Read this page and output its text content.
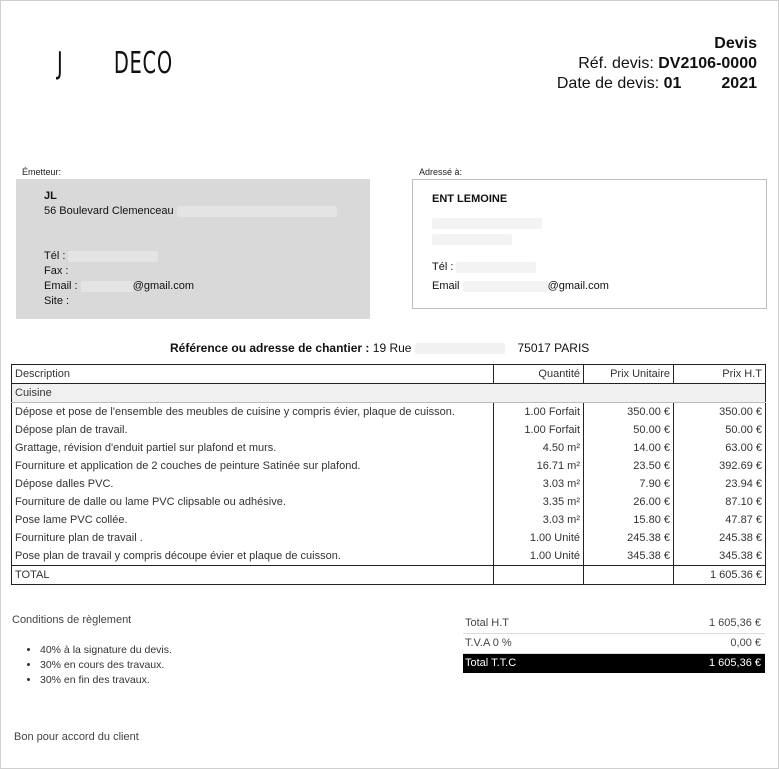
J DECO
Devis
Réf. devis: DV2106-0000
Date de devis: 01	2021
Émetteur:
JL
56 Boulevard Clemenceau
Tél :
Fax :
Email :	@gmail.com
Site :
Adressé à:
ENT LEMOINE
Tél :
Email	@gmail.com
Référence ou adresse de chantier : 19 Rue	75017 PARIS
Description	Quantité	Prix Unitaire	Prix H.T
Cuisine			
Dépose et pose de l'ensemble des meubles de cuisine y compris évier, plaque de cuisson.	1.00 Forfait	350.00 €	350.00 €
Dépose plan de travail.	1.00 Forfait	50.00 €	50.00 €
Grattage, révision d'enduit partiel sur plafond et murs.	4.50 m²	14.00 €	63.00 €
Fourniture et application de 2 couches de peinture Satinée sur plafond.	16.71 m²	23.50 €	392.69 €
Dépose dalles PVC.	3.03 m²	7.90 €	23.94 €
Fourniture de dalle ou lame PVC clipsable ou adhésive.	3.35 m²	26.00 €	87.10 €
Pose lame PVC collée.	3.03 m²	15.80 €	47.87 €
Fourniture plan de travail .	1.00 Unité	245.38 €	245.38 €
Pose plan de travail y compris découpe évier et plaque de cuisson.	1.00 Unité	345.38 €	345.38 €
TOTAL			1 605.36 €
Conditions de règlement
• 40% à la signature du devis.
• 30% en cours des travaux.
• 30% en fin des travaux.
Total H.T	1 605,36 €
T.V.A 0 %	0,00 €
Total T.T.C	1 605,36 €
Bon pour accord du client
